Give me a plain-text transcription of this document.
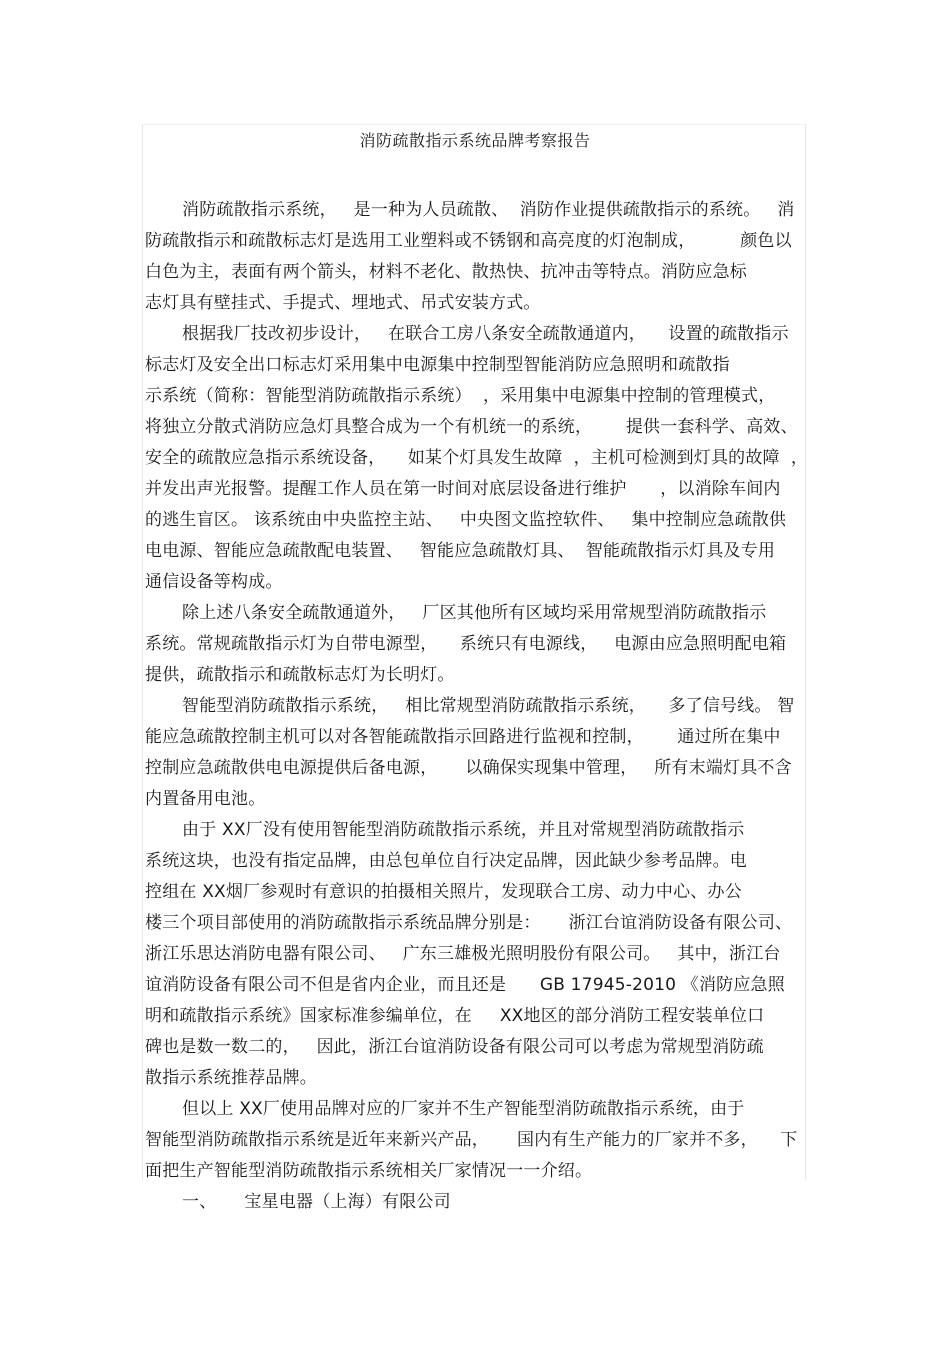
消防疏散指示系统品牌考察报告
消防疏散指示系统，   是一种为人员疏散、  消防作业提供疏散指示的系统。   消
防疏散指示和疏散标志灯是选用工业塑料或不锈钢和高亮度的灯泡制成，        颜色以
白色为主，表面有两个箭头，材料不老化、散热快、抗冲击等特点。消防应急标
志灯具有壁挂式、手提式、埋地式、吊式安装方式。
根据我厂技改初步设计，   在联合工房八条安全疏散通道内，    设置的疏散指示
标志灯及安全出口标志灯采用集中电源集中控制型智能消防应急照明和疏散指
示系统（简称：智能型消防疏散指示系统）  ，采用集中电源集中控制的管理模式，
将独立分散式消防应急灯具整合成为一个有机统一的系统，      提供一套科学、高效、
安全的疏散应急指示系统设备，    如某个灯具发生故障  ，主机可检测到灯具的故障  ，
并发出声光报警。提醒工作人员在第一时间对底层设备进行维护      ，以消除车间内
的逃生盲区。 该系统由中央监控主站、   中央图文监控软件、   集中控制应急疏散供
电电源、智能应急疏散配电装置、   智能应急疏散灯具、  智能疏散指示灯具及专用
通信设备等构成。
除上述八条安全疏散通道外，   厂区其他所有区域均采用常规型消防疏散指示
系统。常规疏散指示灯为自带电源型，    系统只有电源线，   电源由应急照明配电箱
提供，疏散指示和疏散标志灯为长明灯。
智能型消防疏散指示系统，   相比常规型消防疏散指示系统，    多了信号线。 智
能应急疏散控制主机可以对各智能疏散指示回路进行监视和控制，      通过所在集中
控制应急疏散供电电源提供后备电源，     以确保实现集中管理，   所有末端灯具不含
内置备用电池。
由于 XX厂没有使用智能型消防疏散指示系统，并且对常规型消防疏散指示
系统这块，也没有指定品牌，由总包单位自行决定品牌，因此缺少参考品牌。电
控组在 XX烟厂参观时有意识的拍摄相关照片，发现联合工房、动力中心、办公
楼三个项目部使用的消防疏散指示系统品牌分别是：     浙江台谊消防设备有限公司、
浙江乐思达消防电器有限公司、   广东三雄极光照明股份有限公司。   其中，浙江台
谊消防设备有限公司不但是省内企业，而且还是      GB 17945-2010 《消防应急照
明和疏散指示系统》国家标准参编单位，在     XX地区的部分消防工程安装单位口
碑也是数一数二的，   因此，浙江台谊消防设备有限公司可以考虑为常规型消防疏
散指示系统推荐品牌。
但以上 XX厂使用品牌对应的厂家并不生产智能型消防疏散指示系统，由于
智能型消防疏散指示系统是近年来新兴产品，     国内有生产能力的厂家并不多，    下
面把生产智能型消防疏散指示系统相关厂家情况一一介绍。
一、     宝星电器（上海）有限公司
